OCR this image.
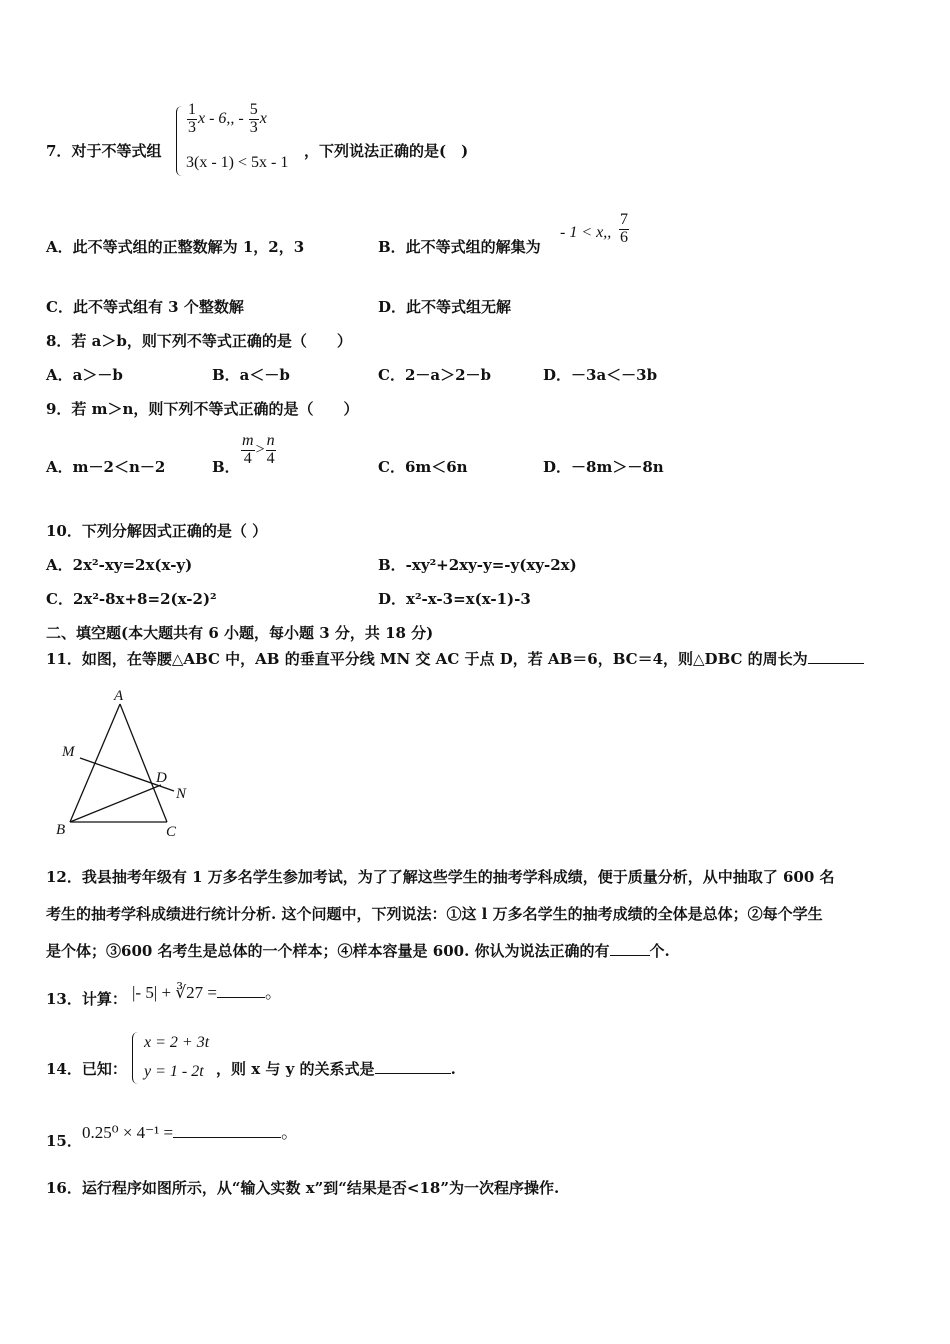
7．对于不等式组
$\frac{1}{3}$ x - 6,, - $\frac{5}{3}$ x
3(x - 1) < 5x - 1
，下列说法正确的是(　)
A．此不等式组的正整数解为 1，2，3	B．此不等式组的解集为
- 1 < x,, $\frac{7}{6}$
C．此不等式组有 3 个整数解	D．此不等式组无解
8．若 a＞b，则下列不等式正确的是（　　）
A．a＞－b	B．a＜－b	C．2－a＞2－b	D．－3a＜－3b
9．若 m＞n，则下列不等式正确的是（　　）
A．m－2＜n－2	B． $\frac{m}{4} > \frac{n}{4}$	C．6m＜6n	D．－8m＞－8n
10．下列分解因式正确的是（ ）
A．2x²-xy=2x(x-y)	B．-xy²+2xy-y=-y(xy-2x)
C．2x²-8x+8=2(x-2)²	D．x²-x-3=x(x-1)-3
二、填空题(本大题共有 6 小题，每小题 3 分，共 18 分)
11．如图，在等腰△ABC 中，AB 的垂直平分线 MN 交 AC 于点 D，若 AB＝6，BC＝4，则△DBC 的周长为
A
M
D
N
B	C
12．我县抽考年级有 1 万多名学生参加考试，为了了解这些学生的抽考学科成绩，便于质量分析，从中抽取了 600 名
考生的抽考学科成绩进行统计分析. 这个问题中，下列说法：①这 l 万多名学生的抽考成绩的全体是总体；②每个学生
是个体；③600 名考生是总体的一个样本；④样本容量是 600. 你认为说法正确的有	个.
13．计算： |- 5| + ∛27 =	。
14．已知：
x = 2 + 3t
y = 1 - 2t ，则 x 与 y 的关系式是	.
15． 0.25⁰ × 4⁻¹ =	。
16．运行程序如图所示，从“输入实数 x”到“结果是否<18”为一次程序操作.
